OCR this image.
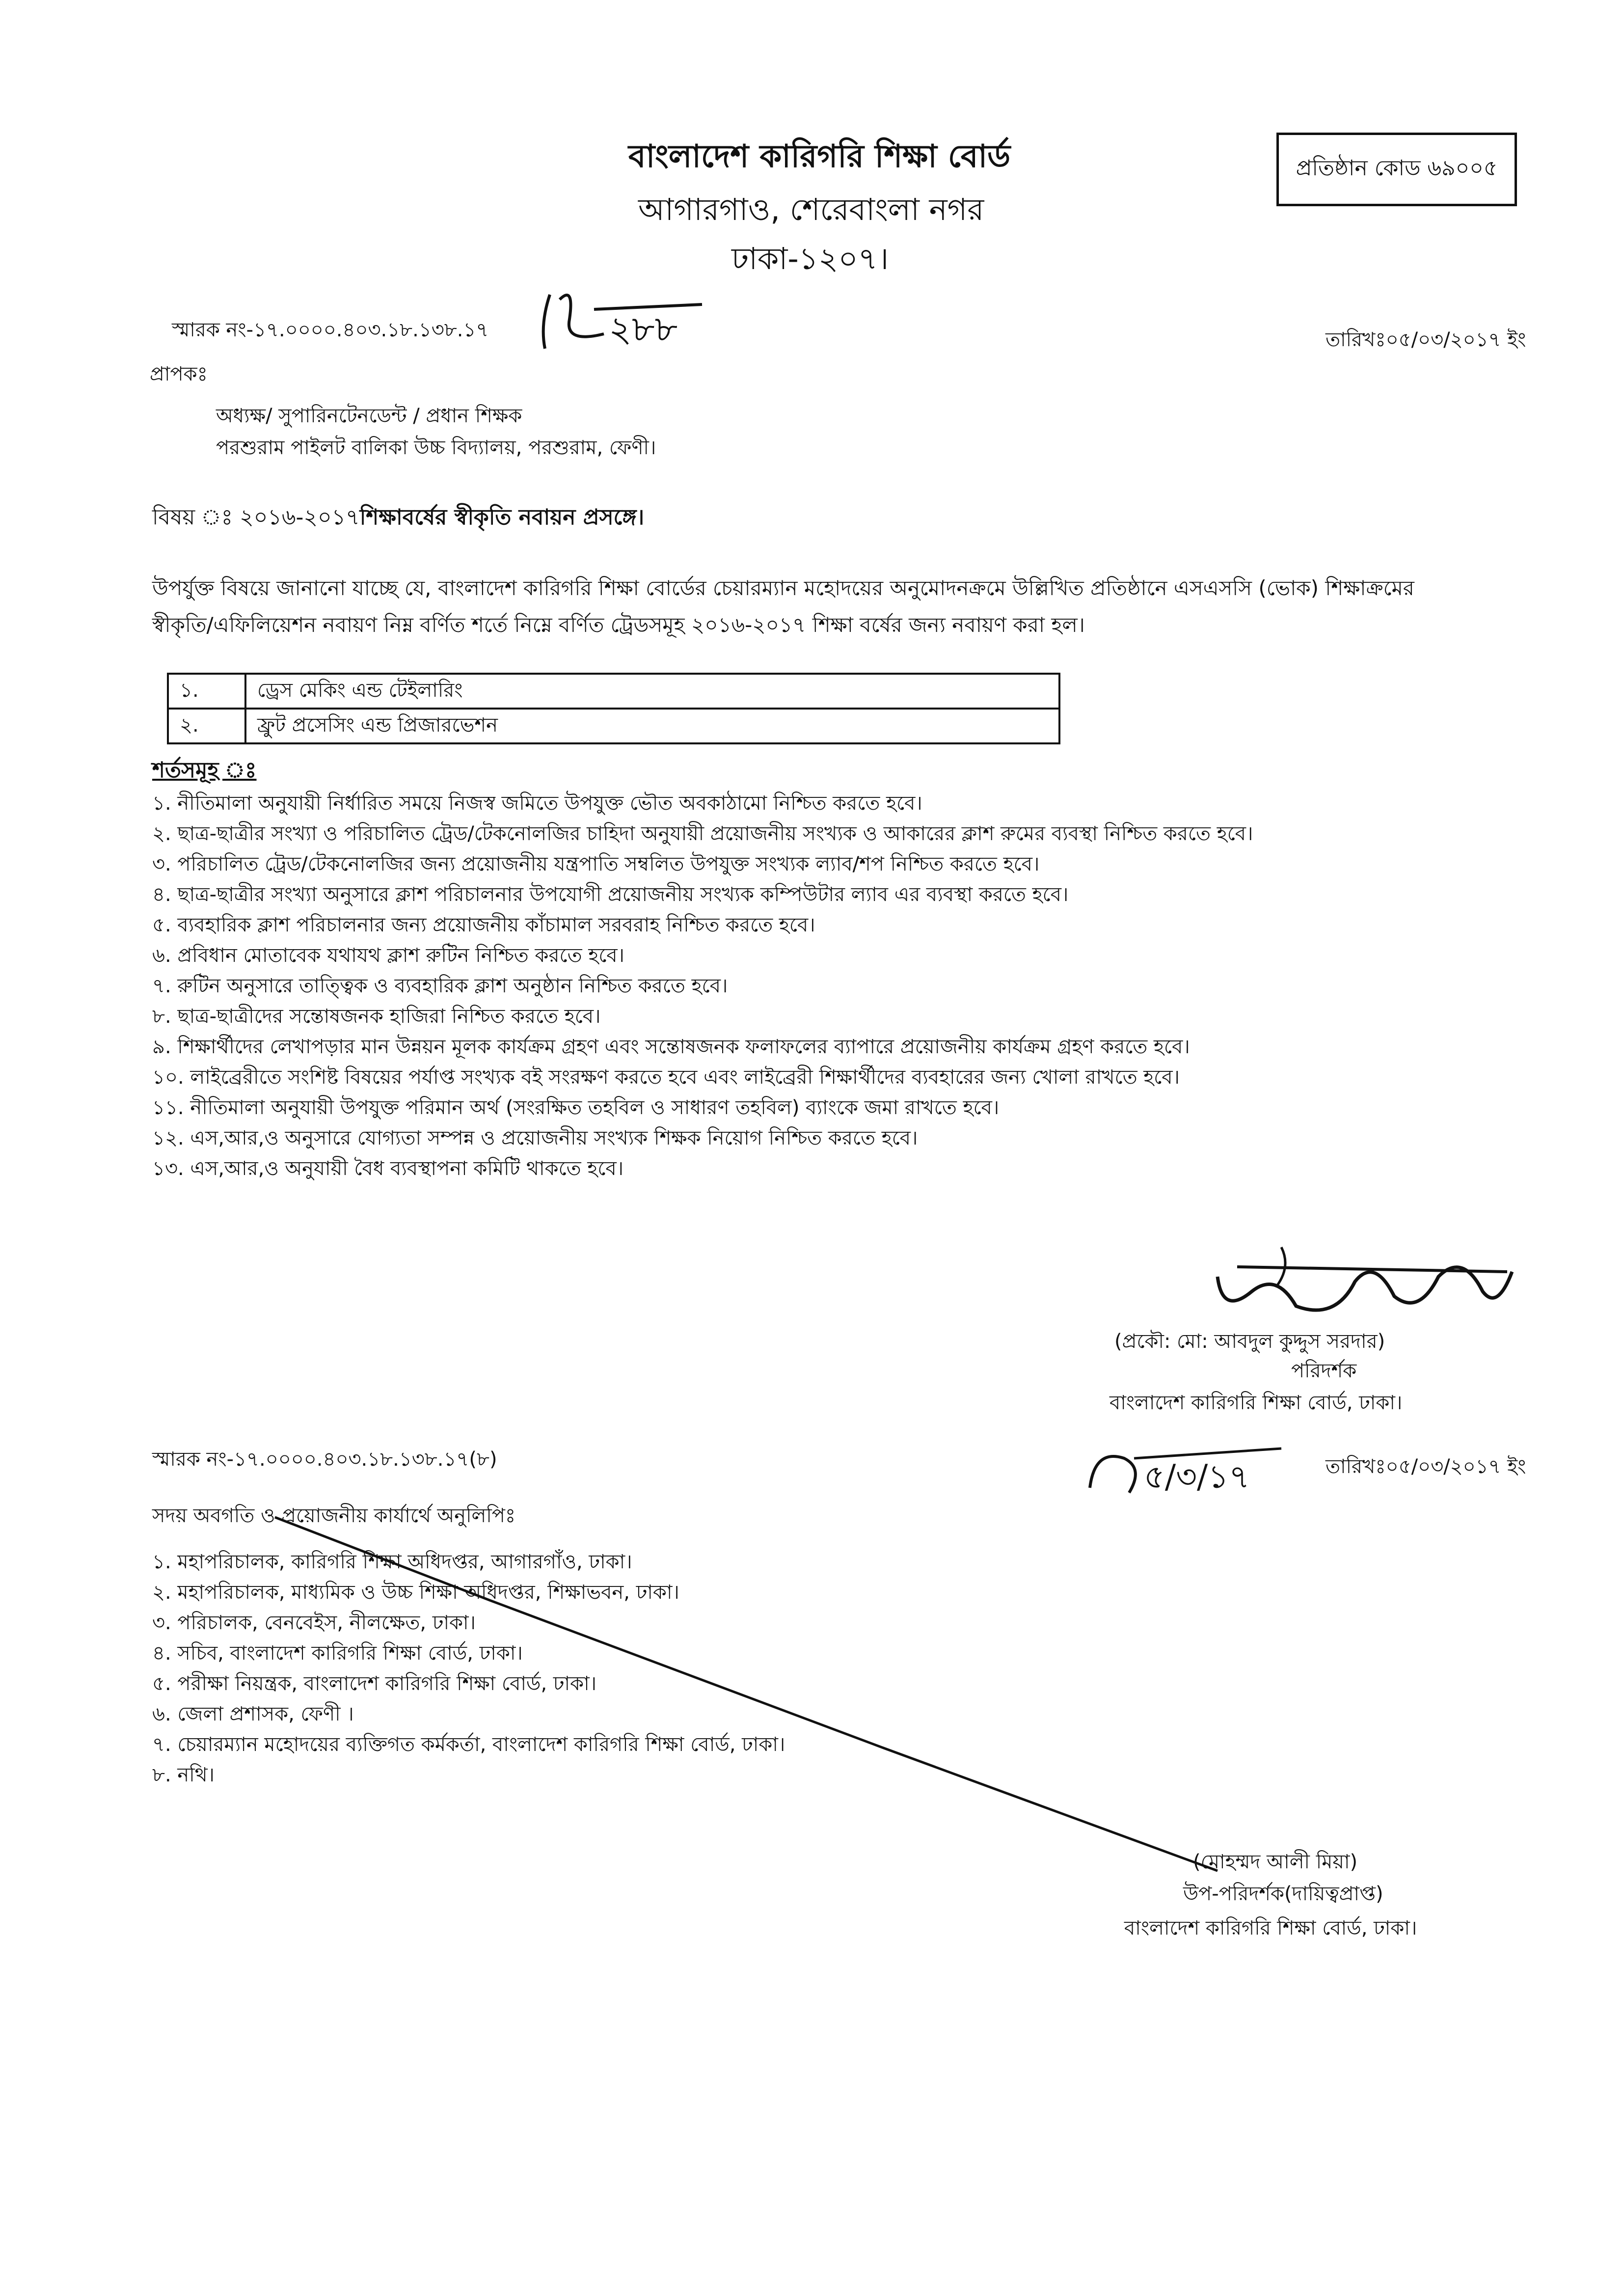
বাংলাদেশ কারিগরি শিক্ষা বোর্ড
আগারগাও, শেরেবাংলা নগর
ঢাকা-১২০৭।
প্রতিষ্ঠান কোড ৬৯০০৫
স্মারক নং-১৭.০০০০.৪০৩.১৮.১৩৮.১৭	২৮৮	তারিখঃ০৫/০৩/২০১৭ ইং
প্রাপকঃ
অধ্যক্ষ/ সুপারিনটেনডেন্ট / প্রধান শিক্ষক
পরশুরাম পাইলট বালিকা উচ্চ বিদ্যালয়, পরশুরাম, ফেণী।
বিষয় ঃ ২০১৬-২০১৭শিক্ষাবর্ষের স্বীকৃতি নবায়ন প্রসঙ্গে।
উপর্যুক্ত বিষয়ে জানানো যাচ্ছে যে, বাংলাদেশ কারিগরি শিক্ষা বোর্ডের চেয়ারম্যান মহোদয়ের অনুমোদনক্রমে উল্লিখিত প্রতিষ্ঠানে এসএসসি (ভোক) শিক্ষাক্রমের
স্বীকৃতি/এফিলিয়েশন নবায়ণ নিম্ন বর্ণিত শর্তে নিম্নে বর্ণিত ট্রেডসমূহ ২০১৬-২০১৭ শিক্ষা বর্ষের জন্য নবায়ণ করা হল।
১.	ড্রেস মেকিং এন্ড টেইলারিং
২.	ফ্রুট প্রসেসিং এন্ড প্রিজারভেশন
শর্তসমূহ ঃ
১. নীতিমালা অনুযায়ী নির্ধারিত সময়ে নিজস্ব জমিতে উপযুক্ত ভৌত অবকাঠামো নিশ্চিত করতে হবে।
২. ছাত্র-ছাত্রীর সংখ্যা ও পরিচালিত ট্রেড/টেকনোলজির চাহিদা অনুযায়ী প্রয়োজনীয় সংখ্যক ও আকারের ক্লাশ রুমের ব্যবস্থা নিশ্চিত করতে হবে।
৩. পরিচালিত ট্রেড/টেকনোলজির জন্য প্রয়োজনীয় যন্ত্রপাতি সম্বলিত উপযুক্ত সংখ্যক ল্যাব/শপ নিশ্চিত করতে হবে।
৪. ছাত্র-ছাত্রীর সংখ্যা অনুসারে ক্লাশ পরিচালনার উপযোগী প্রয়োজনীয় সংখ্যক কম্পিউটার ল্যাব এর ব্যবস্থা করতে হবে।
৫. ব্যবহারিক ক্লাশ পরিচালনার জন্য প্রয়োজনীয় কাঁচামাল সরবরাহ নিশ্চিত করতে হবে।
৬. প্রবিধান মোতাবেক যথাযথ ক্লাশ রুটিন নিশ্চিত করতে হবে।
৭. রুটিন অনুসারে তাত্ত্বিক ও ব্যবহারিক ক্লাশ অনুষ্ঠান নিশ্চিত করতে হবে।
৮. ছাত্র-ছাত্রীদের সন্তোষজনক হাজিরা নিশ্চিত করতে হবে।
৯. শিক্ষার্থীদের লেখাপড়ার মান উন্নয়ন মূলক কার্যক্রম গ্রহণ এবং সন্তোষজনক ফলাফলের ব্যাপারে প্রয়োজনীয় কার্যক্রম গ্রহণ করতে হবে।
১০. লাইব্রেরীতে সংশিষ্ট বিষয়ের পর্যাপ্ত সংখ্যক বই সংরক্ষণ করতে হবে এবং লাইব্রেরী শিক্ষার্থীদের ব্যবহারের জন্য খোলা রাখতে হবে।
১১. নীতিমালা অনুযায়ী উপযুক্ত পরিমান অর্থ (সংরক্ষিত তহবিল ও সাধারণ তহবিল) ব্যাংকে জমা রাখতে হবে।
১২. এস,আর,ও অনুসারে যোগ্যতা সম্পন্ন ও প্রয়োজনীয় সংখ্যক শিক্ষক নিয়োগ নিশ্চিত করতে হবে।
১৩. এস,আর,ও অনুযায়ী বৈধ ব্যবস্থাপনা কমিটি থাকতে হবে।
(প্রকৌ: মো: আবদুল কুদ্দুস সরদার)
পরিদর্শক
বাংলাদেশ কারিগরি শিক্ষা বোর্ড, ঢাকা।
স্মারক নং-১৭.০০০০.৪০৩.১৮.১৩৮.১৭(৮)	৫/৩/১৭	তারিখঃ০৫/০৩/২০১৭ ইং
সদয় অবগতি ও প্রয়োজনীয় কার্যার্থে অনুলিপিঃ
১. মহাপরিচালক, কারিগরি শিক্ষা অধিদপ্তর, আগারগাঁও, ঢাকা।
২. মহাপরিচালক, মাধ্যমিক ও উচ্চ শিক্ষা অধিদপ্তর, শিক্ষাভবন, ঢাকা।
৩. পরিচালক, বেনবেইস, নীলক্ষেত, ঢাকা।
৪. সচিব, বাংলাদেশ কারিগরি শিক্ষা বোর্ড, ঢাকা।
৫. পরীক্ষা নিয়ন্ত্রক, বাংলাদেশ কারিগরি শিক্ষা বোর্ড, ঢাকা।
৬. জেলা প্রশাসক, ফেণী ।
৭. চেয়ারম্যান মহোদয়ের ব্যক্তিগত কর্মকর্তা, বাংলাদেশ কারিগরি শিক্ষা বোর্ড, ঢাকা।
৮. নথি।
(মোহম্মদ আলী মিয়া)
উপ-পরিদর্শক(দায়িত্বপ্রাপ্ত)
বাংলাদেশ কারিগরি শিক্ষা বোর্ড, ঢাকা।
